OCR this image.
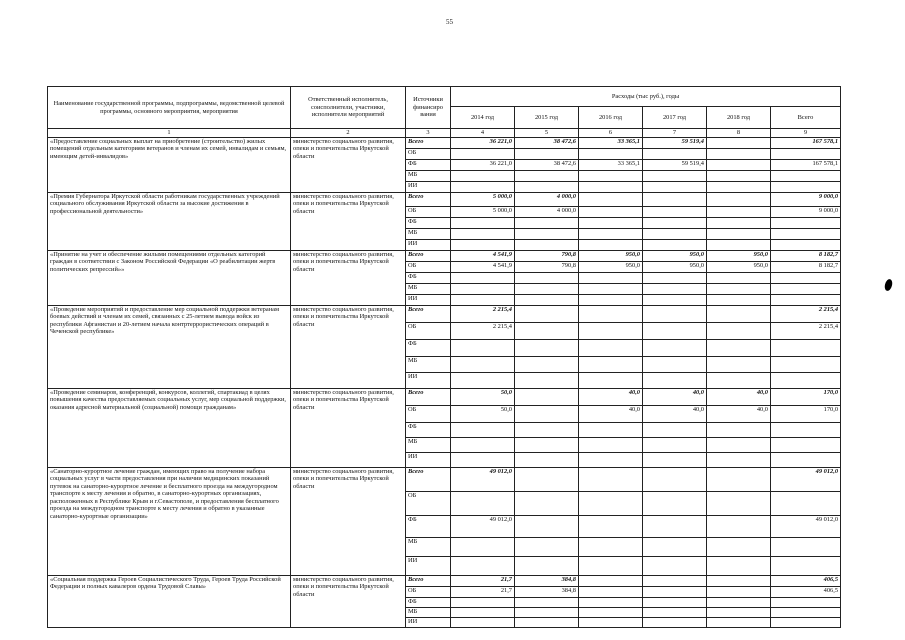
55
Наименование государственной программы, подпрограммы, ведомственной целевой программы, основного мероприятия, мероприятия	Ответственный исполнитель, соисполнители, участники, исполнители мероприятий	Источники финансиро вания	Расходы (тыс руб.), годы					
			2014 год	2015 год	2016 год	2017 год	2018 год	Всего
1	2	3	4	5	6	7	8	9
«Предоставление социальных выплат на приобретение (строительство) жилых помещений отдельным категориям ветеранов и членам их семей, инвалидам и семьям, имеющим детей-инвалидов»	министерство социального развития, опеки и попечительства Иркутской области	Всего	36 221,0	38 472,6	33 365,1	59 519,4		167 578,1
		ОБ						
		ФБ	36 221,0	38 472,6	33 365,1	59 519,4		167 578,1
		МБ						
		ИИ						
«Премия Губернатора Иркутской области работникам государственных учреждений социального обслуживания Иркутской области за высокие достижения в профессиональной деятельности»	министерство социального развития, опеки и попечительства Иркутской области	Всего	5 000,0	4 000,0				9 000,0
		ОБ	5 000,0	4 000,0				9 000,0
		ФБ						
		МБ						
		ИИ						
«Принятие на учет и обеспечение жилыми помещениями отдельных категорий граждан в соответствии с Законом Российской Федерации «О реабилитации жертв политических репрессий»»	министерство социального развития, опеки и попечительства Иркутской области	Всего	4 541,9	790,8	950,0	950,0	950,0	8 182,7
		ОБ	4 541,9	790,8	950,0	950,0	950,0	8 182,7
		ФБ						
		МБ						
		ИИ						
«Проведение мероприятий и предоставление мер социальной поддержки ветеранам боевых действий и членам их семей, связанных с 25-летием вывода войск из республики Афганистан и 20-летием начала контртеррористических операций в Чеченской республике»	министерство социального развития, опеки и попечительства Иркутской области	Всего	2 215,4					2 215,4
		ОБ	2 215,4					2 215,4
		ФБ						
		МБ						
		ИИ						
«Проведение семинаров, конференций, конкурсов, коллегий, спартакиад в целях повышения качества предоставляемых социальных услуг, мер социальной поддержки, оказания адресной материальной (социальной) помощи гражданам»	министерство социального развития, опеки и попечительства Иркутской области	Всего	50,0		40,0	40,0	40,0	170,0
		ОБ	50,0		40,0	40,0	40,0	170,0
		ФБ						
		МБ						
		ИИ						
«Санаторно-курортное лечение граждан, имеющих право на получение набора социальных услуг в части предоставления при наличии медицинских показаний путевок на санаторно-курортное лечение и бесплатного проезда на междугородном транспорте к месту лечения и обратно, в санаторно-курортных организациях, расположенных в Республике Крым и г.Севастополе, и предоставления бесплатного проезда на междугородном транспорте к месту лечения и обратно в указанные санаторно-курортные организации»	министерство социального развития, опеки и попечительства Иркутской области	Всего	49 012,0					49 012,0
		ОБ						
		ФБ	49 012,0					49 012,0
		МБ						
		ИИ						
«Социальная поддержка Героев Социалистического Труда, Героев Труда Российской Федерации и полных кавалеров ордена Трудовой Славы»	министерство социального развития, опеки и попечительства Иркутской области	Всего	21,7	384,8				406,5
		ОБ	21,7	384,8				406,5
		ФБ						
		МБ						
		ИИ						
